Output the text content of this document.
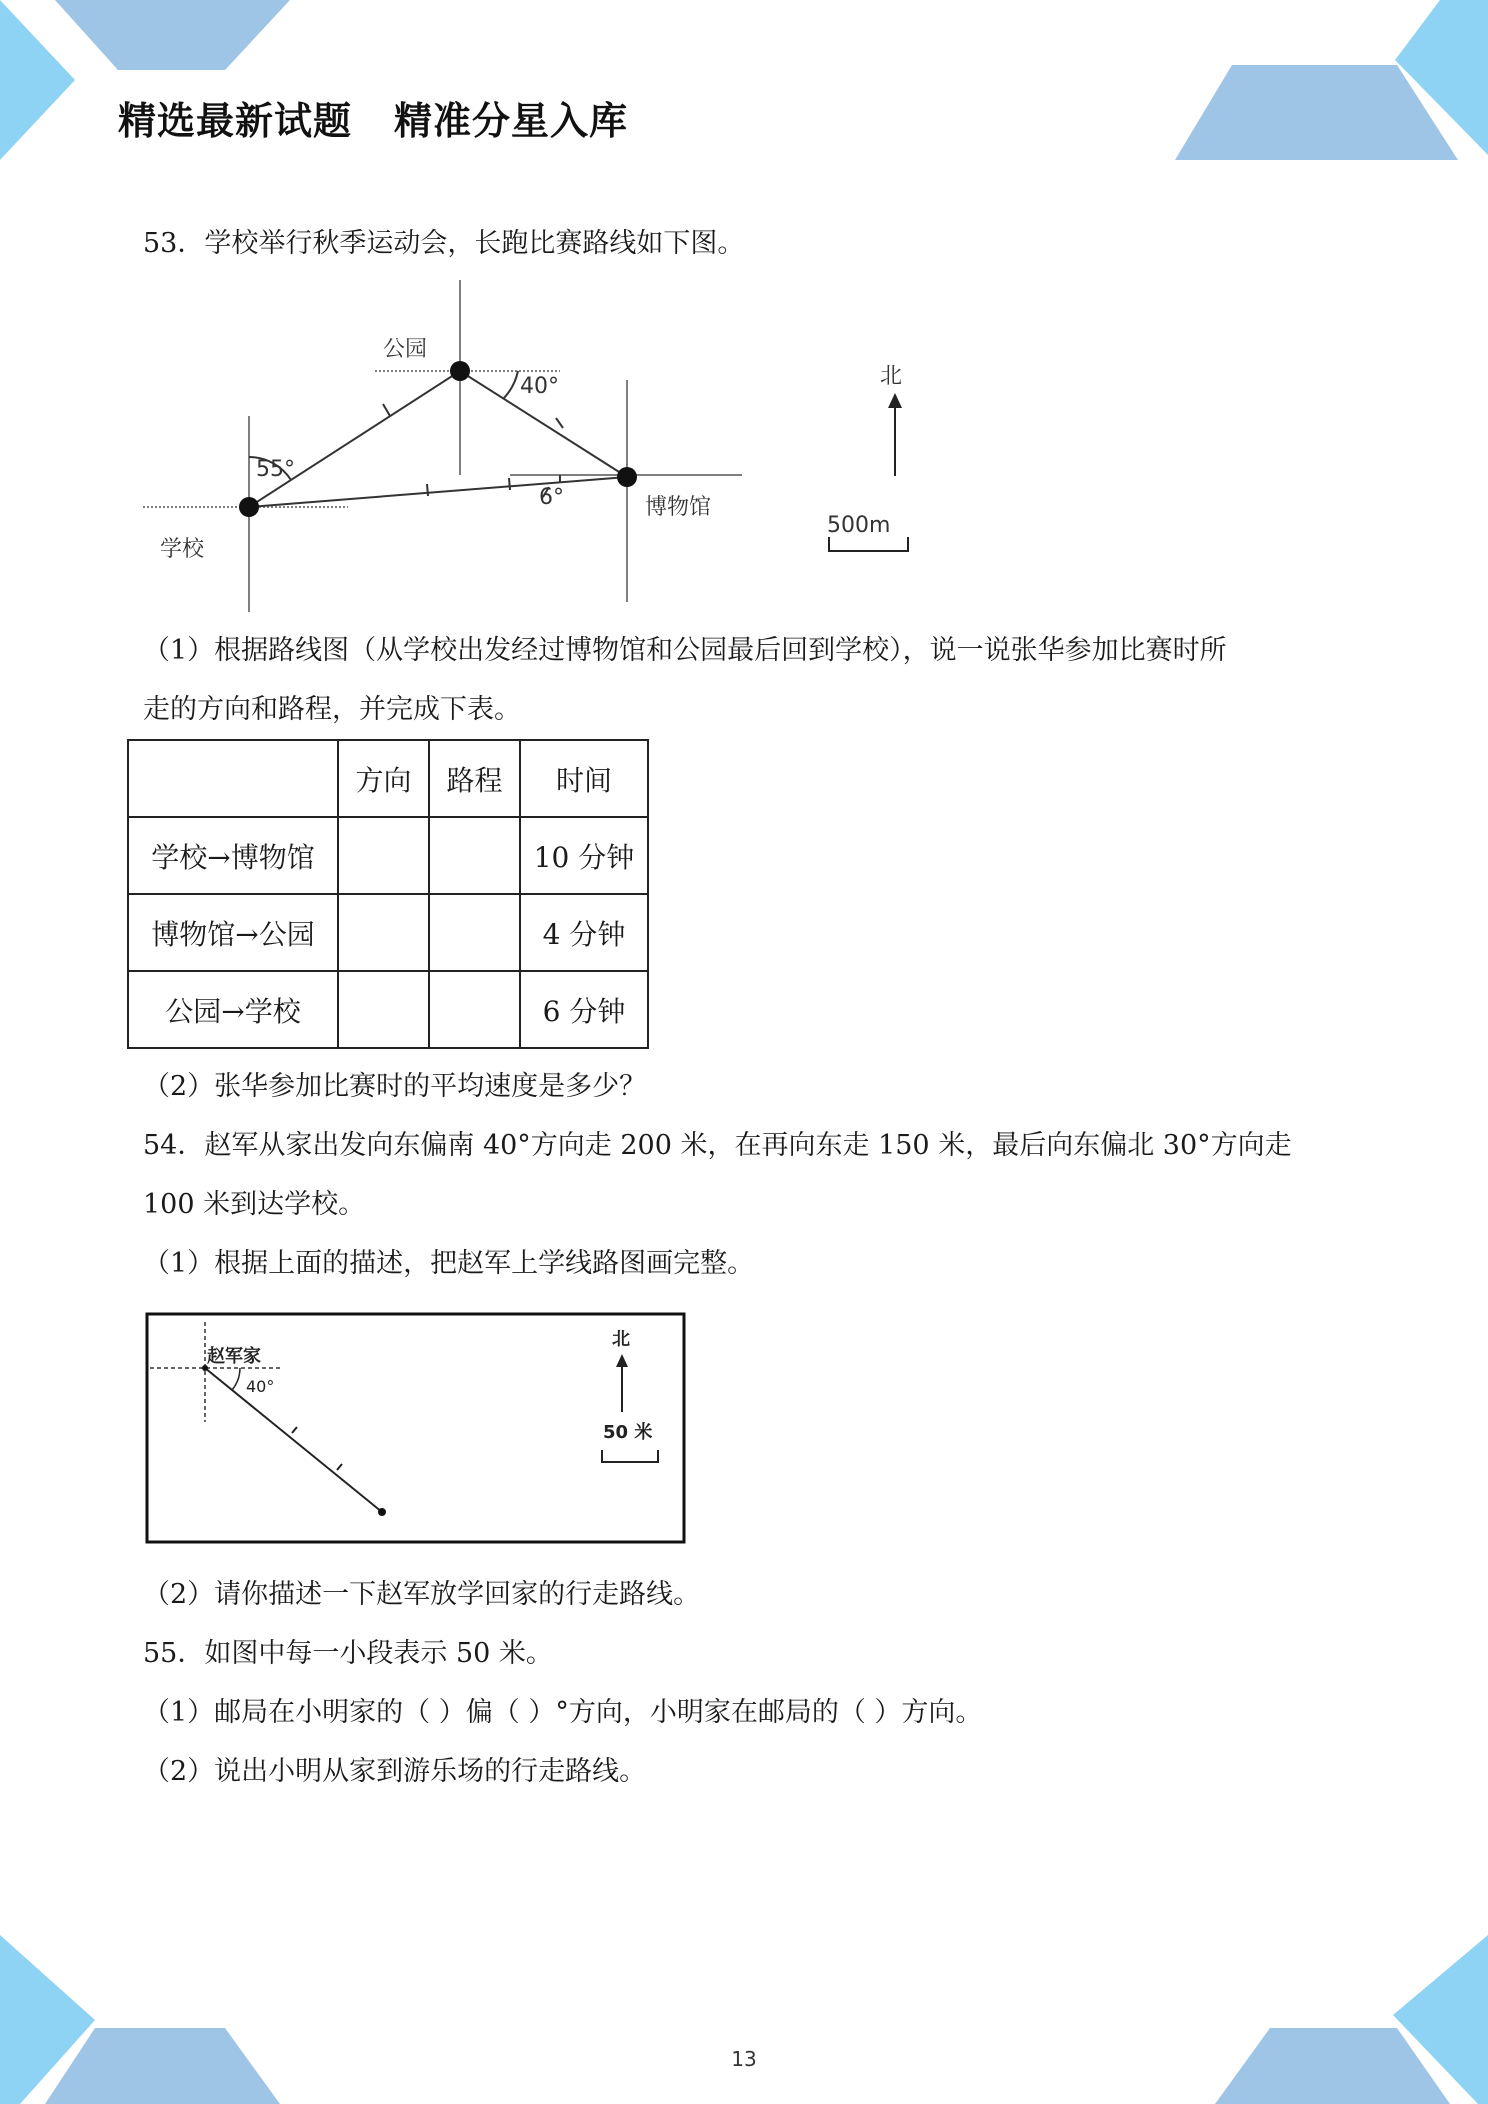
精选最新试题 精准分星入库
53．学校举行秋季运动会，长跑比赛路线如下图。
公园
学校
博物馆
40°
55°
6°
北
500m
（1）根据路线图（从学校出发经过博物馆和公园最后回到学校），说一说张华参加比赛时所
走的方向和路程，并完成下表。
	方向	路程	时间
学校→博物馆			10 分钟
博物馆→公园			4 分钟
公园→学校			6 分钟
（2）张华参加比赛时的平均速度是多少？
54．赵军从家出发向东偏南 40°方向走 200 米，在再向东走 150 米，最后向东偏北 30°方向走
100 米到达学校。
（1）根据上面的描述，把赵军上学线路图画完整。
赵军家
40°
北
50 米
（2）请你描述一下赵军放学回家的行走路线。
55．如图中每一小段表示 50 米。
（1）邮局在小明家的（ ）偏（ ）°方向，小明家在邮局的（ ）方向。
（2）说出小明从家到游乐场的行走路线。
13
